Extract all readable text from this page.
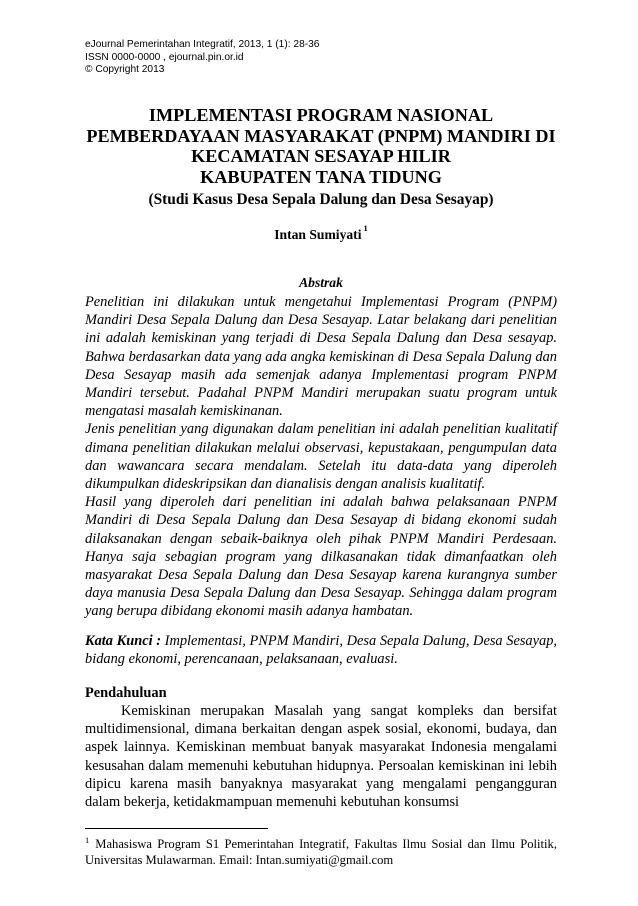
eJournal Pemerintahan Integratif, 2013, 1 (1): 28-36
ISSN 0000-0000 , ejournal.pin.or.id
© Copyright 2013
IMPLEMENTASI PROGRAM NASIONAL
PEMBERDAYAAN MASYARAKAT (PNPM) MANDIRI DI
KECAMATAN SESAYAP HILIR
KABUPATEN TANA TIDUNG
(Studi Kasus Desa Sepala Dalung dan Desa Sesayap)
Intan Sumiyati $^1$
Abstrak

Penelitian ini dilakukan untuk mengetahui Implementasi Program (PNPM) Mandiri Desa Sepala Dalung dan Desa Sesayap. Latar belakang dari penelitian ini adalah kemiskinan yang terjadi di Desa Sepala Dalung dan Desa sesayap. Bahwa berdasarkan data yang ada angka kemiskinan di Desa Sepala Dalung dan Desa Sesayap masih ada semenjak adanya Implementasi program PNPM Mandiri tersebut. Padahal PNPM Mandiri merupakan suatu program untuk mengatasi masalah kemiskinanan.

Jenis penelitian yang digunakan dalam penelitian ini adalah penelitian kualitatif dimana penelitian dilakukan melalui observasi, kepustakaan, pengumpulan data dan wawancara secara mendalam. Setelah itu data-data yang diperoleh dikumpulkan dideskripsikan dan dianalisis dengan analisis kualitatif.

Hasil yang diperoleh dari penelitian ini adalah bahwa pelaksanaan PNPM Mandiri di Desa Sepala Dalung dan Desa Sesayap di bidang ekonomi sudah dilaksanakan dengan sebaik-baiknya oleh pihak PNPM Mandiri Perdesaan. Hanya saja sebagian program yang dilkasanakan tidak dimanfaatkan oleh masyarakat Desa Sepala Dalung dan Desa Sesayap karena kurangnya sumber daya manusia Desa Sepala Dalung dan Desa Sesayap. Sehingga dalam program yang berupa dibidang ekonomi masih adanya hambatan.

Kata Kunci : Implementasi, PNPM Mandiri, Desa Sepala Dalung, Desa Sesayap, bidang ekonomi, perencanaan, pelaksanaan, evaluasi.
Pendahuluan
Kemiskinan merupakan Masalah yang sangat kompleks dan bersifat multidimensional, dimana berkaitan dengan aspek sosial, ekonomi, budaya, dan aspek lainnya. Kemiskinan membuat banyak masyarakat Indonesia mengalami kesusahan dalam memenuhi kebutuhan hidupnya. Persoalan kemiskinan ini lebih dipicu karena masih banyaknya masyarakat yang mengalami pengangguran dalam bekerja, ketidakmampuan memenuhi kebutuhan konsumsi
$^1$ Mahasiswa Program S1 Pemerintahan Integratif, Fakultas Ilmu Sosial dan Ilmu Politik, Universitas Mulawarman. Email: Intan.sumiyati@gmail.com
